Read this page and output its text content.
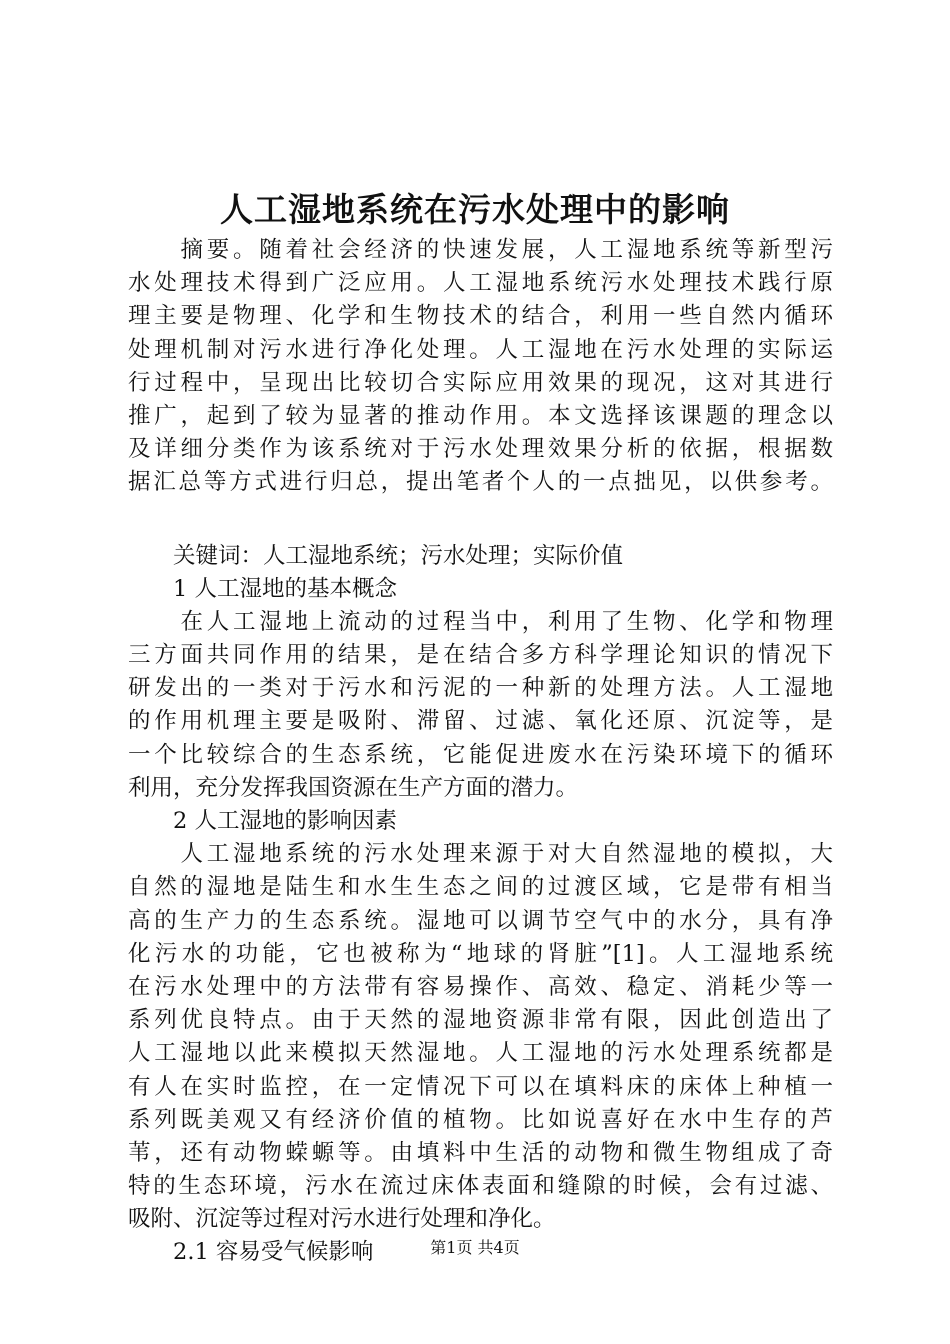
人工湿地系统在污水处理中的影响
　　摘要。随着社会经济的快速发展，人工湿地系统等新型污
水处理技术得到广泛应用。人工湿地系统污水处理技术践行原
理主要是物理、化学和生物技术的结合，利用一些自然内循环
处理机制对污水进行净化处理。人工湿地在污水处理的实际运
行过程中，呈现出比较切合实际应用效果的现况，这对其进行
推广，起到了较为显著的推动作用。本文选择该课题的理念以
及详细分类作为该系统对于污水处理效果分析的依据，根据数
据汇总等方式进行归总，提出笔者个人的一点拙见，以供参考。
　　关键词：人工湿地系统；污水处理；实际价值
　　1 人工湿地的基本概念
　　在人工湿地上流动的过程当中，利用了生物、化学和物理
三方面共同作用的结果，是在结合多方科学理论知识的情况下
研发出的一类对于污水和污泥的一种新的处理方法。人工湿地
的作用机理主要是吸附、滞留、过滤、氧化还原、沉淀等，是
一个比较综合的生态系统，它能促进废水在污染环境下的循环
利用，充分发挥我国资源在生产方面的潜力。
　　2 人工湿地的影响因素
　　人工湿地系统的污水处理来源于对大自然湿地的模拟，大
自然的湿地是陆生和水生生态之间的过渡区域，它是带有相当
高的生产力的生态系统。湿地可以调节空气中的水分，具有净
化污水的功能，它也被称为“地球的肾脏”[1]。人工湿地系统
在污水处理中的方法带有容易操作、高效、稳定、消耗少等一
系列优良特点。由于天然的湿地资源非常有限，因此创造出了
人工湿地以此来模拟天然湿地。人工湿地的污水处理系统都是
有人在实时监控，在一定情况下可以在填料床的床体上种植一
系列既美观又有经济价值的植物。比如说喜好在水中生存的芦
苇，还有动物蝾螈等。由填料中生活的动物和微生物组成了奇
特的生态环境，污水在流过床体表面和缝隙的时候，会有过滤、
吸附、沉淀等过程对污水进行处理和净化。
　　2.1 容易受气候影响	第1页 共4页
